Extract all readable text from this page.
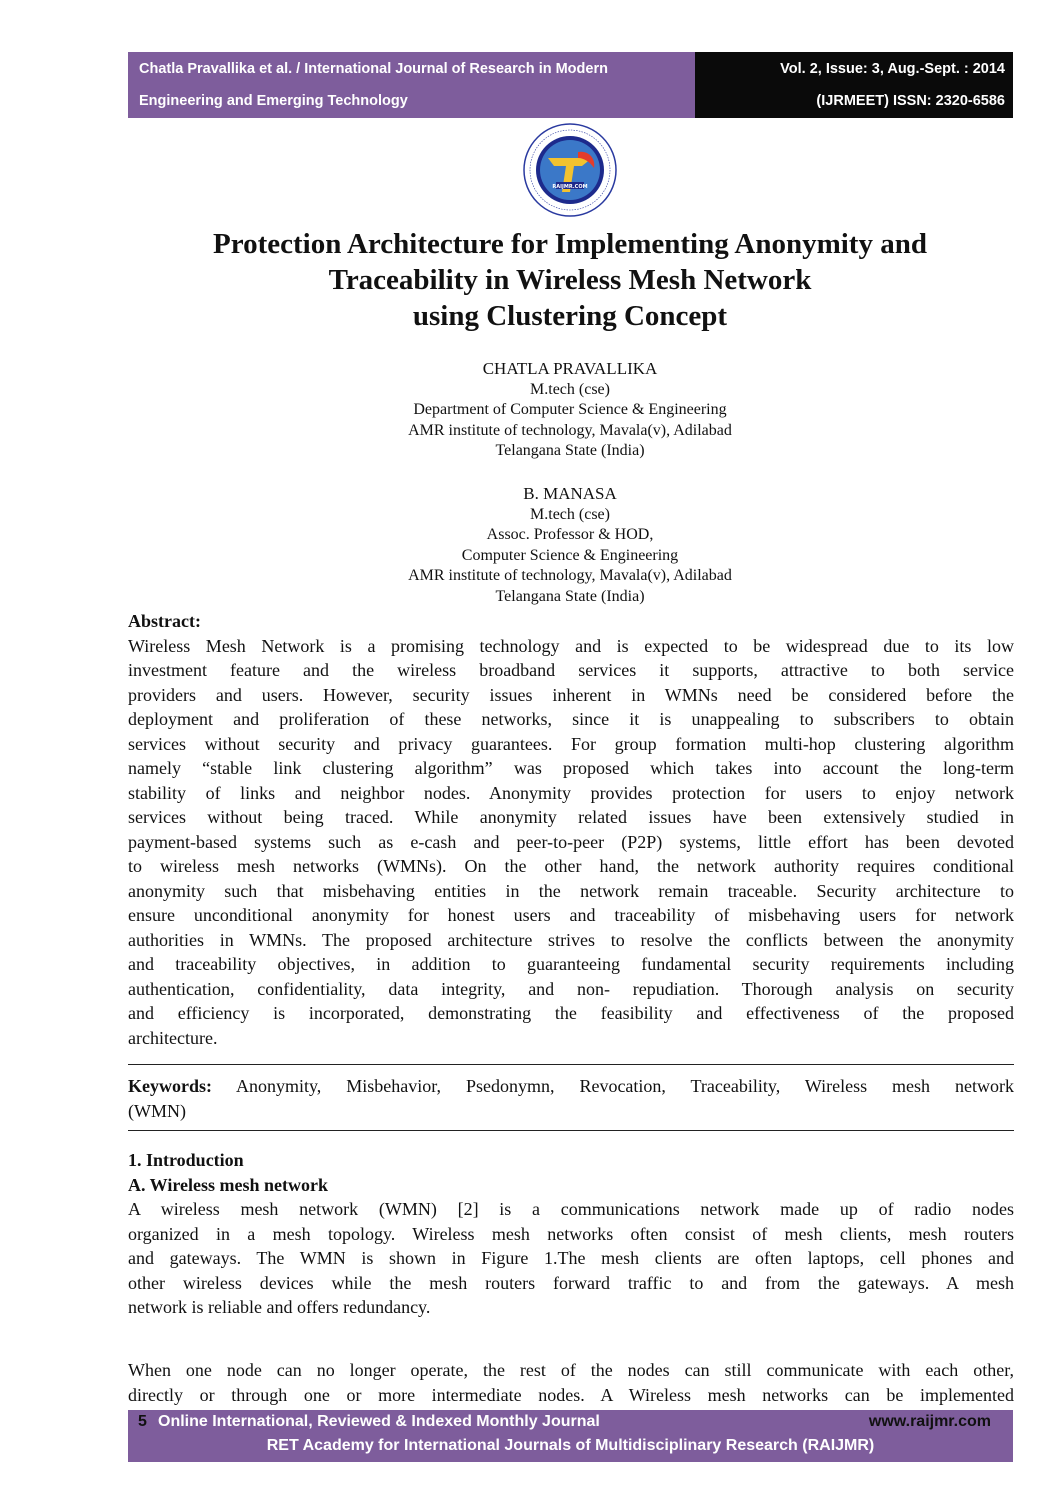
Chatla Pravallika et al. / International Journal of Research in Modern
Engineering and Emerging Technology
Vol. 2, Issue: 3, Aug.-Sept. : 2014
(IJRMEET) ISSN: 2320-6586
RAIJMR.COM
Protection Architecture for Implementing Anonymity and
Traceability in Wireless Mesh Network
using Clustering Concept
CHATLA PRAVALLIKA
M.tech (cse)
Department of Computer Science & Engineering
AMR institute of technology, Mavala(v), Adilabad
Telangana State (India)
B. MANASA
M.tech (cse)
Assoc. Professor & HOD,
Computer Science & Engineering
AMR institute of technology, Mavala(v), Adilabad
Telangana State (India)
Abstract:
Wireless Mesh Network is a promising technology and is expected to be widespread due to its low
investment feature and the wireless broadband services it supports, attractive to both service
providers and users. However, security issues inherent in WMNs need be considered before the
deployment and proliferation of these networks, since it is unappealing to subscribers to obtain
services without security and privacy guarantees. For group formation multi-hop clustering algorithm
namely “stable link clustering algorithm” was proposed which takes into account the long-term
stability of links and neighbor nodes. Anonymity provides protection for users to enjoy network
services without being traced. While anonymity related issues have been extensively studied in
payment-based systems such as e-cash and peer-to-peer (P2P) systems, little effort has been devoted
to wireless mesh networks (WMNs). On the other hand, the network authority requires conditional
anonymity such that misbehaving entities in the network remain traceable. Security architecture to
ensure unconditional anonymity for honest users and traceability of misbehaving users for network
authorities in WMNs. The proposed architecture strives to resolve the conflicts between the anonymity
and traceability objectives, in addition to guaranteeing fundamental security requirements including
authentication, confidentiality, data integrity, and non- repudiation. Thorough analysis on security
and efficiency is incorporated, demonstrating the feasibility and effectiveness of the proposed
architecture.
Keywords: Anonymity, Misbehavior, Psedonymn, Revocation, Traceability, Wireless mesh network
(WMN)
1. Introduction
A. Wireless mesh network
A wireless mesh network (WMN) [2] is a communications network made up of radio nodes
organized in a mesh topology. Wireless mesh networks often consist of mesh clients, mesh routers
and gateways. The WMN is shown in Figure 1.The mesh clients are often laptops, cell phones and
other wireless devices while the mesh routers forward traffic to and from the gateways. A mesh
network is reliable and offers redundancy.
When one node can no longer operate, the rest of the nodes can still communicate with each other,
directly or through one or more intermediate nodes. A Wireless mesh networks can be implemented
5 Online International, Reviewed & Indexed Monthly Journal	www.raijmr.com
RET Academy for International Journals of Multidisciplinary Research (RAIJMR)
